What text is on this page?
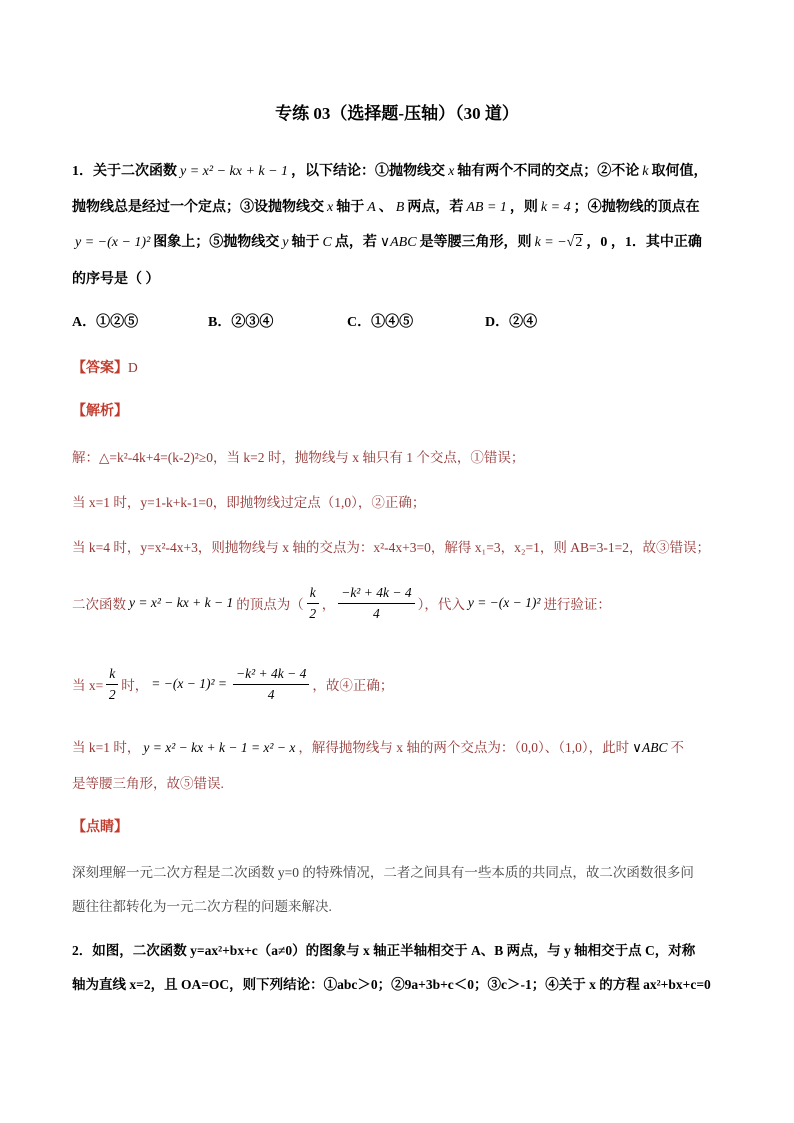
专练 03（选择题-压轴）（30 道）
1．关于二次函数 y = x² − kx + k − 1 ，以下结论：①抛物线交 x 轴有两个不同的交点；②不论 k 取何值，
抛物线总是经过一个定点；③设抛物线交 x 轴于 A 、 B 两点，若 AB = 1 ，则 k = 4 ；④抛物线的顶点在
y = −(x − 1)² 图象上；⑤抛物线交 y 轴于 C 点，若 ∨ABC 是等腰三角形，则 k = − √ 2 ，0 ，1．其中正确
的序号是（ ）
A．①②⑤	B．②③④	C．①④⑤	D．②④
【答案】 D
【解析】
解：△=k²-4k+4=(k-2)²≥0，当 k=2 时，抛物线与 x 轴只有 1 个交点，①错误；
当 x=1 时，y=1-k+k-1=0，即抛物线过定点（1,0），②正确；
当 k=4 时，y=x²-4x+3，则抛物线与 x 轴的交点为：x²-4x+3=0，解得 x₁=3，x₂=1，则 AB=3-1=2，故③错误；
二次函数 y = x² − kx + k − 1 的顶点为（ $\frac{k}{2}$ ， $\frac{\text{−k² + 4k − 4}}{4}$ ），代入 y = −(x − 1)² 进行验证：
当 $x= \frac{k}{2}$ 时， = $-(x - 1)^2 = \frac{\text{−k² + 4k − 4}}{4}$ ，故④正确；
当 k=1 时， y = x² − kx + k − 1 = x² − x ，解得抛物线与 x 轴的两个交点为：（0,0）、（1,0），此时 ∨ABC 不
是等腰三角形，故⑤错误.
【点睛】
深刻理解一元二次方程是二次函数 y=0 的特殊情况，二者之间具有一些本质的共同点，故二次函数很多问
题往往都转化为一元二次方程的问题来解决.
2．如图，二次函数 y=ax²+bx+c（a≠0）的图象与 x 轴正半轴相交于 A、B 两点，与 y 轴相交于点 C，对称
轴为直线 x=2，且 OA=OC，则下列结论：①abc＞0；②9a+3b+c＜0；③c＞-1；④关于 x 的方程 ax²+bx+c=0
